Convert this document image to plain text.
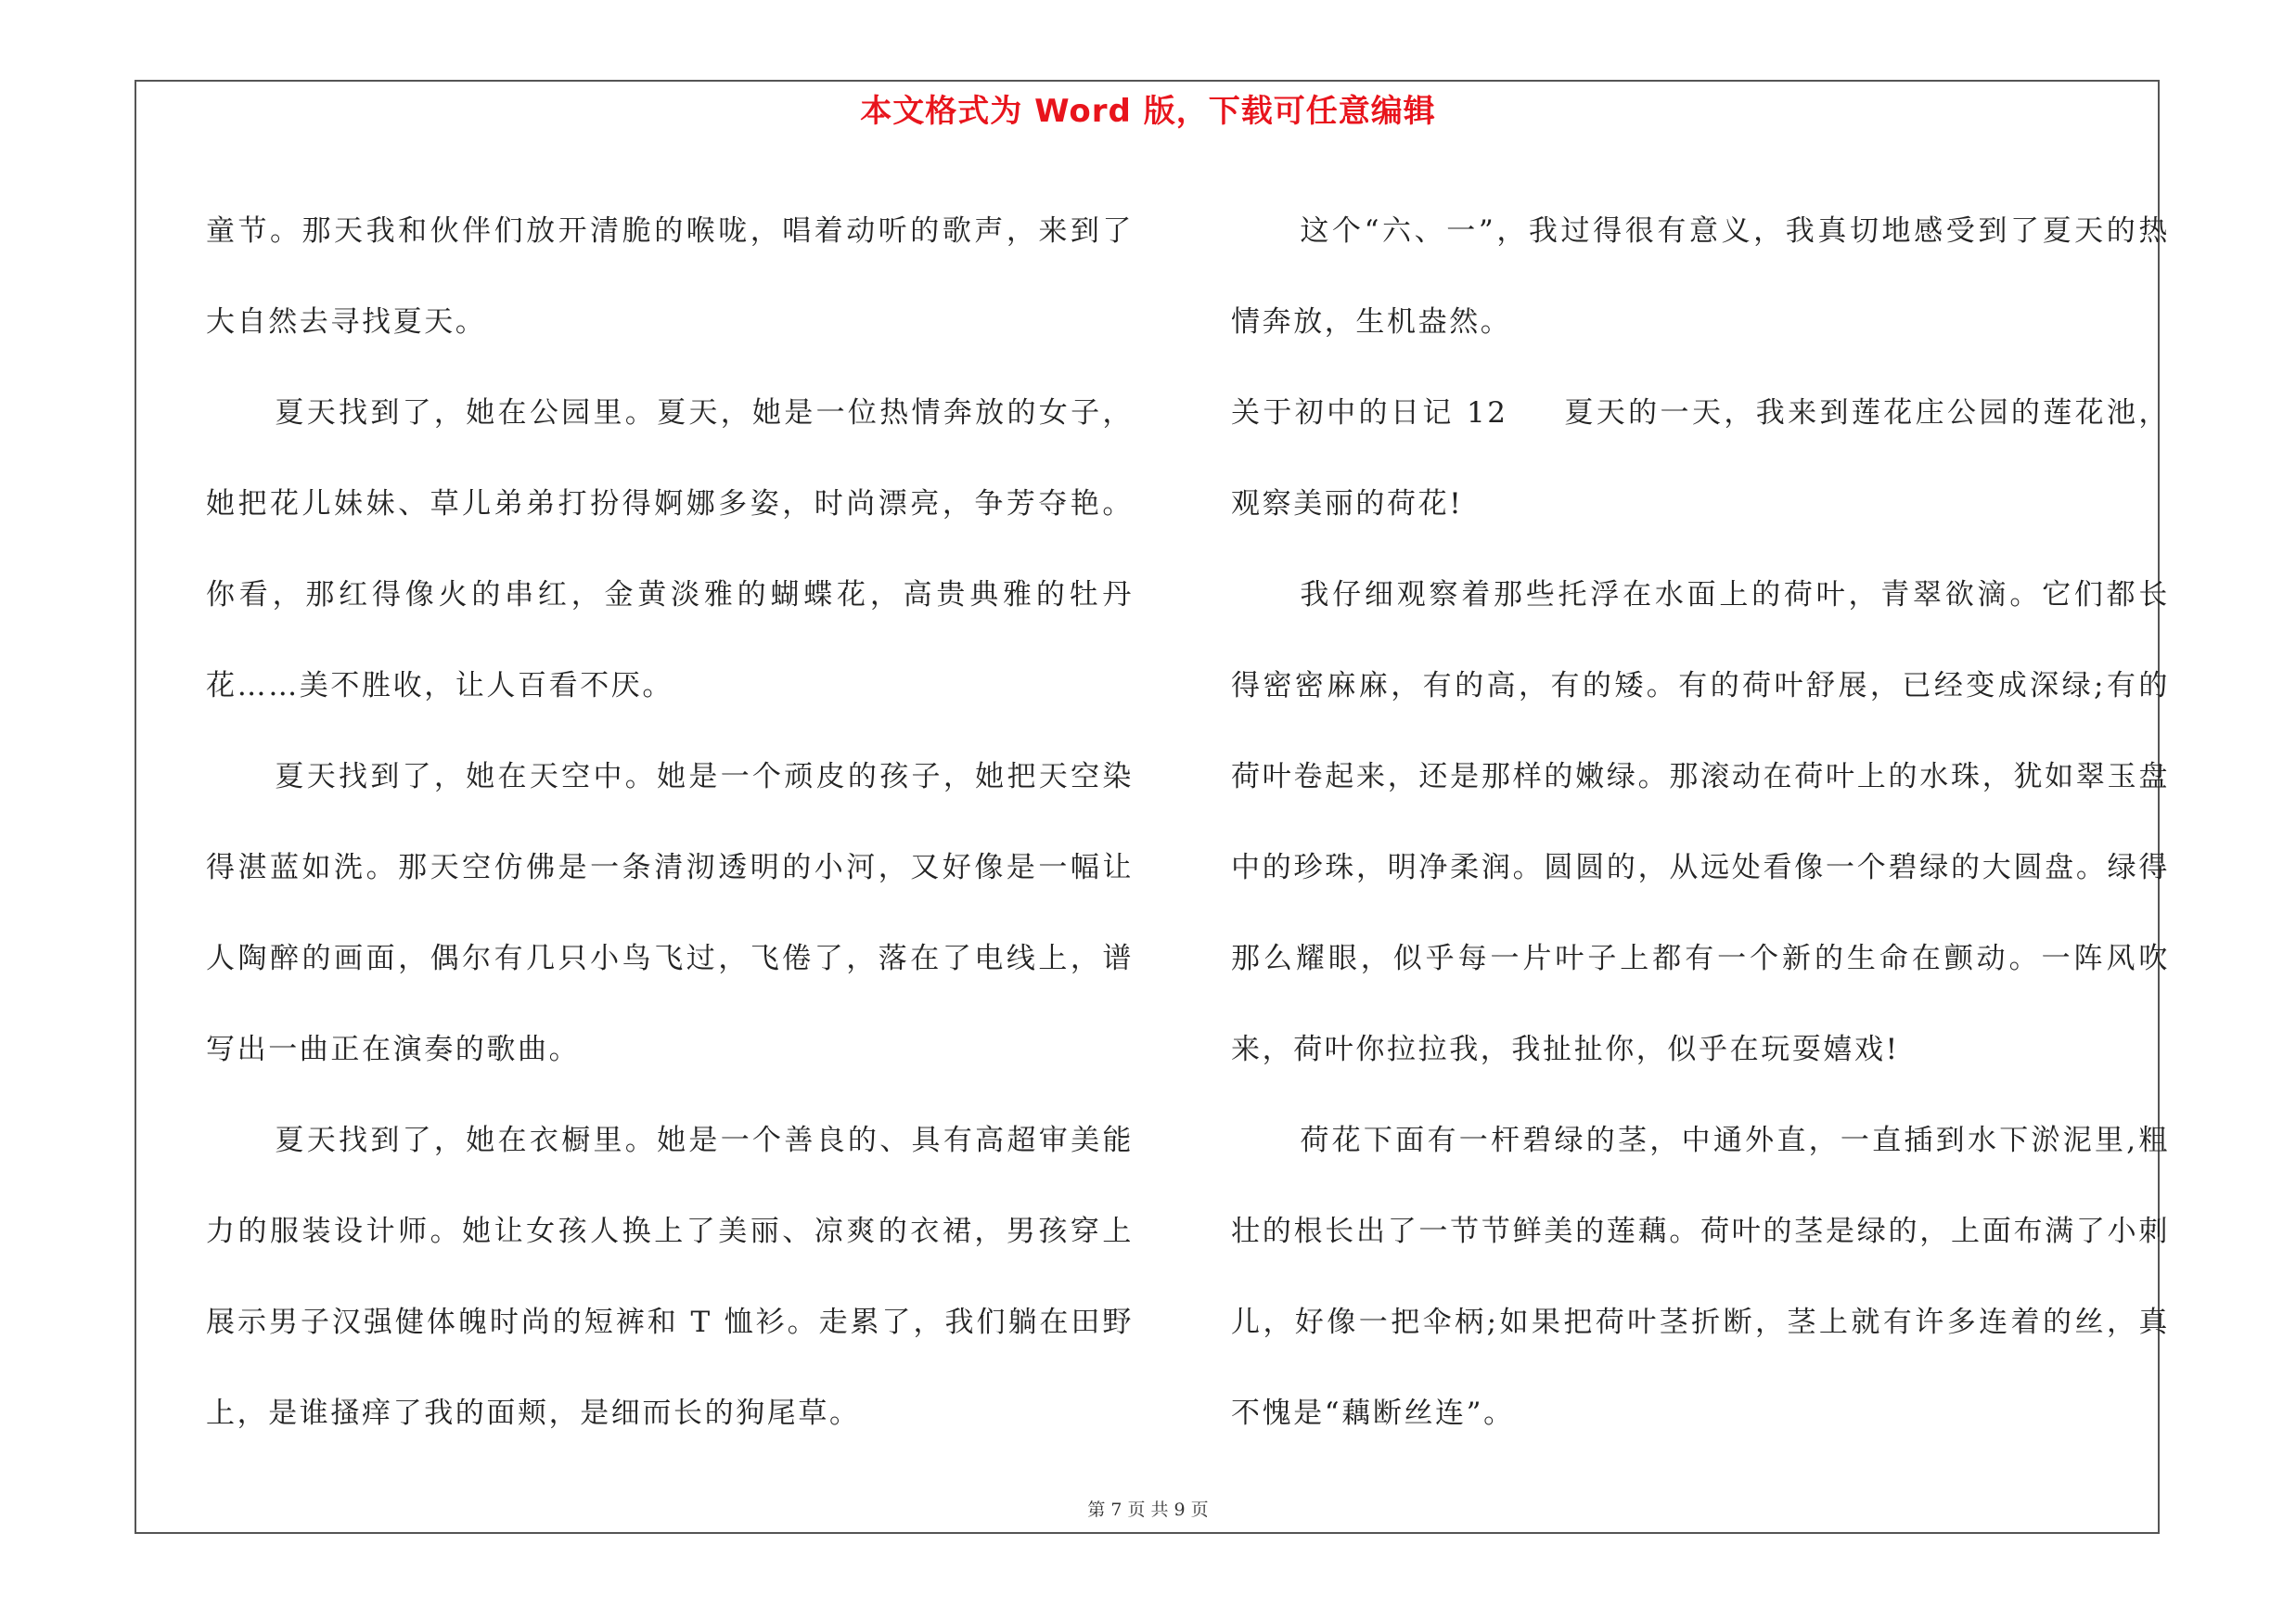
本文格式为 Word 版，下载可任意编辑

童节。那天我和伙伴们放开清脆的喉咙，唱着动听的歌声，来到了大自然去寻找夏天。

夏天找到了，她在公园里。夏天，她是一位热情奔放的女子，她把花儿妹妹、草儿弟弟打扮得婀娜多姿，时尚漂亮，争芳夺艳。你看，那红得像火的串红，金黄淡雅的蝴蝶花，高贵典雅的牡丹花……美不胜收，让人百看不厌。

夏天找到了，她在天空中。她是一个顽皮的孩子，她把天空染得湛蓝如洗。那天空仿佛是一条清沏透明的小河，又好像是一幅让人陶醉的画面，偶尔有几只小鸟飞过，飞倦了，落在了电线上，谱写出一曲正在演奏的歌曲。

夏天找到了，她在衣橱里。她是一个善良的、具有高超审美能力的服装设计师。她让女孩人换上了美丽、凉爽的衣裙，男孩穿上展示男子汉强健体魄时尚的短裤和 T 恤衫。走累了，我们躺在田野上，是谁搔痒了我的面颊，是细而长的狗尾草。

这个“六、一”，我过得很有意义，我真切地感受到了夏天的热情奔放，生机盎然。

关于初中的日记 12 夏天的一天，我来到莲花庄公园的莲花池，观察美丽的荷花!

我仔细观察着那些托浮在水面上的荷叶，青翠欲滴。它们都长得密密麻麻，有的高，有的矮。有的荷叶舒展，已经变成深绿;有的荷叶卷起来，还是那样的嫩绿。那滚动在荷叶上的水珠，犹如翠玉盘中的珍珠，明净柔润。圆圆的，从远处看像一个碧绿的大圆盘。绿得那么耀眼，似乎每一片叶子上都有一个新的生命在颤动。一阵风吹来，荷叶你拉拉我，我扯扯你，似乎在玩耍嬉戏!

荷花下面有一杆碧绿的茎，中通外直，一直插到水下淤泥里,粗壮的根长出了一节节鲜美的莲藕。荷叶的茎是绿的，上面布满了小刺儿，好像一把伞柄;如果把荷叶茎折断，茎上就有许多连着的丝，真不愧是“藕断丝连”。

第 7 页 共 9 页
